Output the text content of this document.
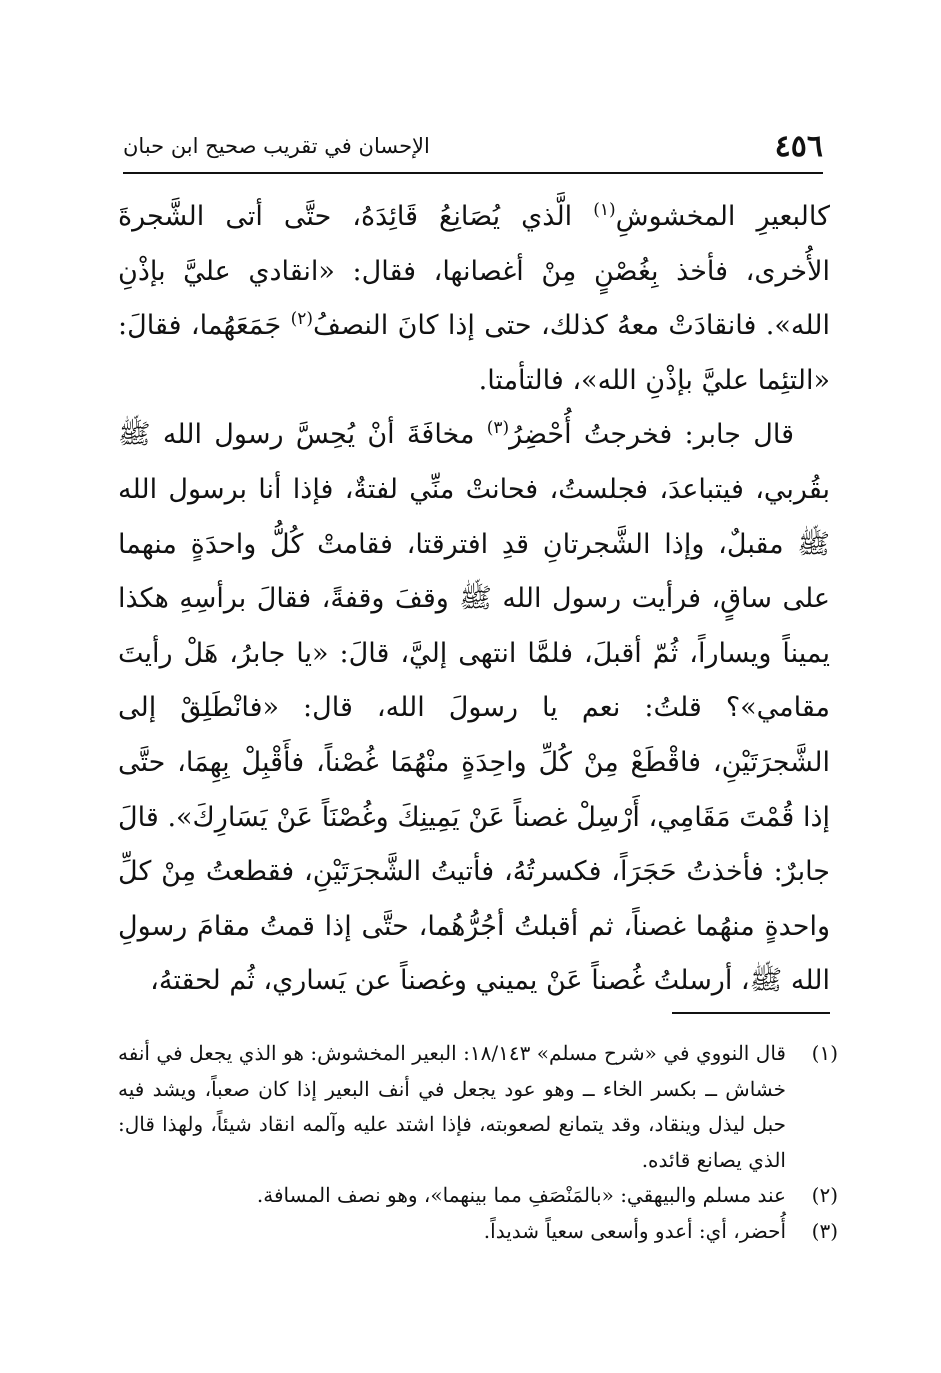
٤٥٦
الإحسان في تقريب صحيح ابن حبان

كالبعيرِ المخشوشِ$^{(١)}$ الَّذي يُصَانِعُ قَائِدَهُ، حتَّى أتى الشَّجرةَ الأُخرى، فأخذ بِغُصْنٍ مِنْ أغصانها، فقال: «انقادي عليَّ بإذْنِ الله». فانقادَتْ معهُ كذلك، حتى إذا كانَ النصفُ$^{(٢)}$ جَمَعَهُما، فقالَ: «التئِما عليَّ بإذْنِ الله»، فالتأمتا.

قال جابر: فخرجتُ أُحْضِرُ$^{(٣)}$ مخافَةَ أنْ يُحِسَّ رسول الله ﷺ بقُربي، فيتباعدَ، فجلستُ، فحانتْ منِّي لفتةٌ، فإذا أنا برسول الله ﷺ مقبلٌ، وإذا الشَّجرتانِ قدِ افترقتا، فقامتْ كُلُّ واحدَةٍ منهما على ساقٍ، فرأيت رسول الله ﷺ وقفَ وقفةً، فقالَ برأسِهِ هكذا يميناً ويساراً، ثُمّ أقبلَ، فلمَّا انتهى إليَّ، قالَ: «يا جابرُ، هَلْ رأيتَ مقامي»؟ قلتُ: نعم يا رسولَ الله، قال: «فانْطَلِقْ إلى الشَّجرَتَيْنِ، فاقْطَعْ مِنْ كُلِّ واحِدَةٍ منْهُمَا غُصْناً، فأَقْبِلْ بِهِمَا، حتَّى إذا قُمْتَ مَقَامِي، أَرْسِلْ غصناً عَنْ يَمِينِكَ وغُصْنَاً عَنْ يَسَارِكَ». قالَ جابرٌ: فأخذتُ حَجَرَاً، فكسرتُهُ، فأتيتُ الشَّجرَتَيْنِ، فقطعتُ مِنْ كلِّ واحدةٍ منهُما غصناً، ثم أقبلتُ أجُرُّهُما، حتَّى إذا قمتُ مقامَ رسولِ الله ﷺ، أرسلتُ غُصناً عَنْ يميني وغصناً عن يَساري، ثُم لحقتهُ،

(١)
قال النووي في «شرح مسلم» ١٨/١٤٣: البعير المخشوش: هو الذي يجعل في أنفه خشاش ــ بكسر الخاء ــ وهو عود يجعل في أنف البعير إذا كان صعباً، ويشد فيه حبل ليذل وينقاد، وقد يتمانع لصعوبته، فإذا اشتد عليه وآلمه انقاد شيئاً، ولهذا قال: الذي يصانع قائده.
(٢)
عند مسلم والبيهقي: «بالمَنْصَفِ مما بينهما»، وهو نصف المسافة.
(٣)
أُحضر، أي: أعدو وأسعى سعياً شديداً.
